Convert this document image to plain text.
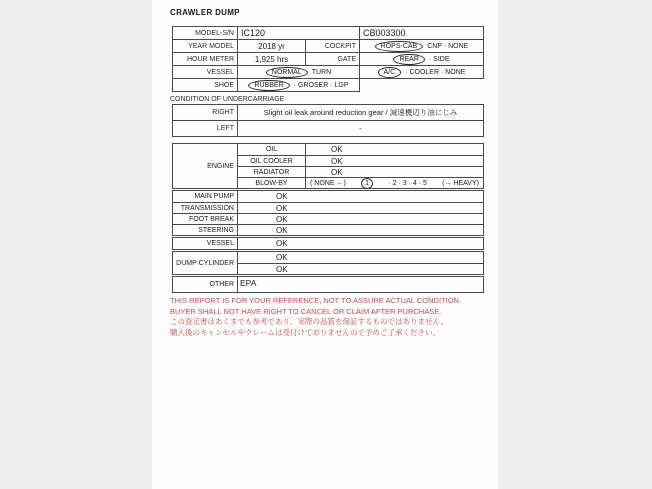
CRAWLER DUMP
MODEL-S/N IC120	CB003300
YEAR MODEL	2018 yr	COCKPIT	ROPS-CAB	CNP · NONE
HOUR METER	1,925 hrs	GATE	REAR	· SIDE
VESSEL	NORMAL	TURN	A/C	· COOLER · NONE
SHOE	RUBBER	· GROSER · LGP
CONDITION OF UNDERCARRIAGE
RIGHT	Slight oil leak around reduction gear / 減速機辺り油にじみ
LEFT	-
ENGINE
OIL	OK
OIL COOLER	OK
RADIATOR	OK
BLOW-BY	( NONE ←)	1	· 2 · 3 · 4 · 5 (→ HEAVY)
MAIN PUMP	OK
TRANSMISSION	OK
FOOT BREAK	OK
STEERING	OK
VESSEL	OK
DUMP CYLINDER
OK
OK
OTHER EPA
THIS REPORT IS FOR YOUR REFERENCE, NOT TO ASSURE ACTUAL CONDITION.
BUYER SHALL NOT HAVE RIGHT TO CANCEL OR CLAIM AFTER PURCHASE.
この査定書はあくまでも参考であり、実際の品質を保証するものではありません。
購入後のキャンセルやクレームは受付けておりませんので予めご了承ください。
